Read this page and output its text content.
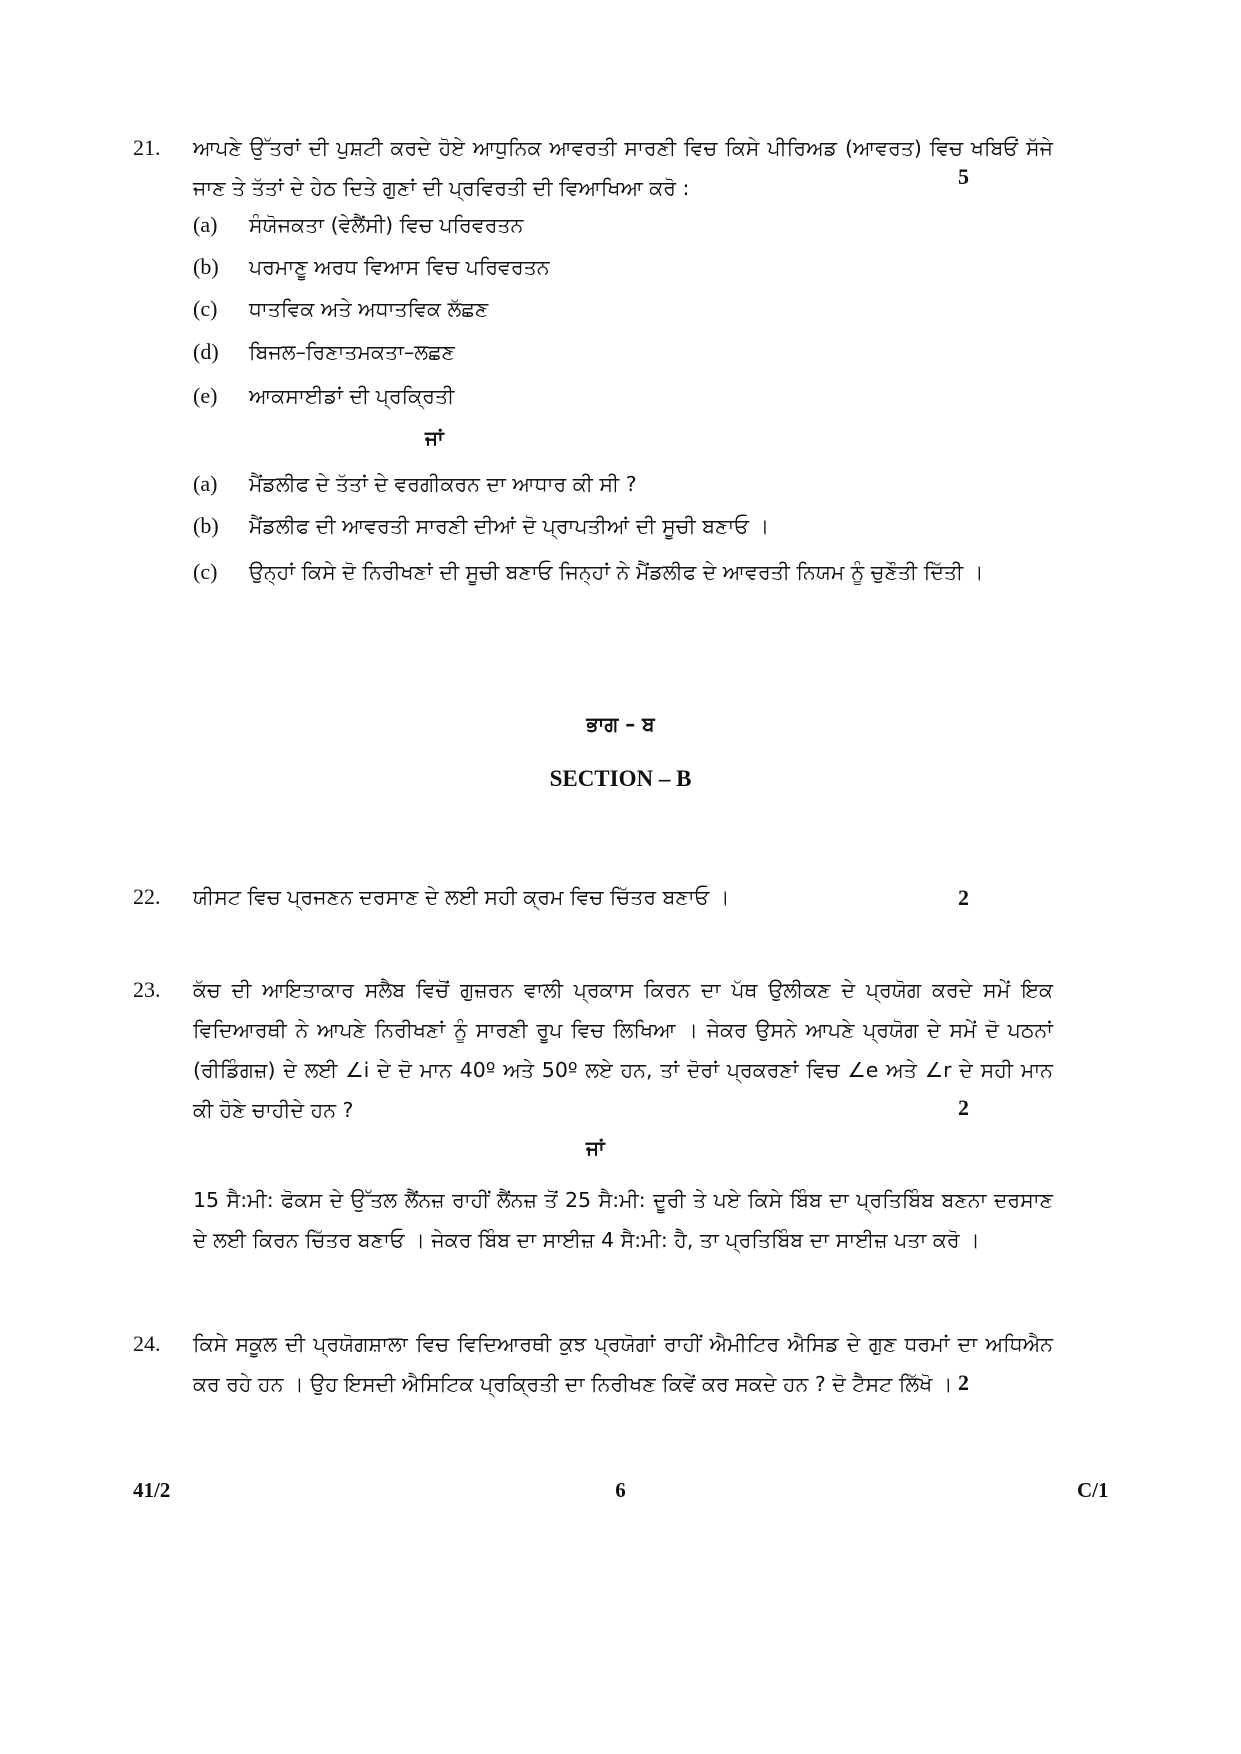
21. ਆਪਣੇ ਉੱਤਰਾਂ ਦੀ ਪੁਸ਼ਟੀ ਕਰਦੇ ਹੋਏ ਆਧੁਨਿਕ ਆਵਰਤੀ ਸਾਰਣੀ ਵਿਚ ਕਿਸੇ ਪੀਰਿਅਡ (ਆਵਰਤ) ਵਿਚ ਖਬਿਓਂ ਸੱਜੇ ਜਾਣ ਤੇ ਤੱਤਾਂ ਦੇ ਹੇਠ ਦਿਤੇ ਗੁਣਾਂ ਦੀ ਪ੍ਰਵਿਰਤੀ ਦੀ ਵਿਆਖਿਆ ਕਰੋ :	5
(a) ਸੰਯੋਜਕਤਾ (ਵੇਲੈਂਸੀ) ਵਿਚ ਪਰਿਵਰਤਨ
(b) ਪਰਮਾਣੂ ਅਰਧ ਵਿਆਸ ਵਿਚ ਪਰਿਵਰਤਨ
(c) ਧਾਤਵਿਕ ਅਤੇ ਅਧਾਤਵਿਕ ਲੱਛਣ
(d) ਬਿਜਲ–ਰਿਣਾਤਮਕਤਾ–ਲਛਣ
(e) ਆਕਸਾਈਡਾਂ ਦੀ ਪ੍ਰਕ੍ਰਿਤੀ
ਜਾਂ
(a) ਮੈਂਡਲੀਫ ਦੇ ਤੱਤਾਂ ਦੇ ਵਰਗੀਕਰਨ ਦਾ ਆਧਾਰ ਕੀ ਸੀ ?
(b) ਮੈਂਡਲੀਫ ਦੀ ਆਵਰਤੀ ਸਾਰਣੀ ਦੀਆਂ ਦੋ ਪ੍ਰਾਪਤੀਆਂ ਦੀ ਸੂਚੀ ਬਣਾਓ ।
(c) ਉਨ੍ਹਾਂ ਕਿਸੇ ਦੋ ਨਿਰੀਖਣਾਂ ਦੀ ਸੂਚੀ ਬਣਾਓ ਜਿਨ੍ਹਾਂ ਨੇ ਮੈਂਡਲੀਫ ਦੇ ਆਵਰਤੀ ਨਿਯਮ ਨੂੰ ਚੁਣੌਤੀ ਦਿੱਤੀ ।
ਭਾਗ – ਬ
SECTION – B
22. ਯੀਸਟ ਵਿਚ ਪ੍ਰਜਣਨ ਦਰਸਾਣ ਦੇ ਲਈ ਸਹੀ ਕ੍ਰਮ ਵਿਚ ਚਿੱਤਰ ਬਣਾਓ ।	2
23. ਕੱਚ ਦੀ ਆਇਤਾਕਾਰ ਸਲੈਬ ਵਿਚੋਂ ਗੁਜ਼ਰਨ ਵਾਲੀ ਪ੍ਰਕਾਸ ਕਿਰਨ ਦਾ ਪੱਥ ਉਲੀਕਣ ਦੇ ਪ੍ਰਯੋਗ ਕਰਦੇ ਸਮੇਂ ਇਕ ਵਿਦਿਆਰਥੀ ਨੇ ਆਪਣੇ ਨਿਰੀਖਣਾਂ ਨੂੰ ਸਾਰਣੀ ਰੂਪ ਵਿਚ ਲਿਖਿਆ । ਜੇਕਰ ਉਸਨੇ ਆਪਣੇ ਪ੍ਰਯੋਗ ਦੇ ਸਮੇਂ ਦੋ ਪਠਨਾਂ (ਰੀਡਿੰਗਜ਼) ਦੇ ਲਈ ∠i ਦੇ ਦੋ ਮਾਨ 40º ਅਤੇ 50º ਲਏ ਹਨ, ਤਾਂ ਦੋਰਾਂ ਪ੍ਰਕਰਣਾਂ ਵਿਚ ∠e ਅਤੇ ∠r ਦੇ ਸਹੀ ਮਾਨ ਕੀ ਹੋਣੇ ਚਾਹੀਦੇ ਹਨ ?	2
ਜਾਂ
15 ਸੈ:ਮੀ: ਫੋਕਸ ਦੇ ਉੱਤਲ ਲੈਂਨਜ਼ ਰਾਹੀਂ ਲੈਂਨਜ਼ ਤੋਂ 25 ਸੈ:ਮੀ: ਦੂਰੀ ਤੇ ਪਏ ਕਿਸੇ ਬਿੰਬ ਦਾ ਪ੍ਰਤਿਬਿੰਬ ਬਣਨਾ ਦਰਸਾਣ ਦੇ ਲਈ ਕਿਰਨ ਚਿੱਤਰ ਬਣਾਓ । ਜੇਕਰ ਬਿੰਬ ਦਾ ਸਾਈਜ਼ 4 ਸੈ:ਮੀ: ਹੈ, ਤਾ ਪ੍ਰਤਿਬਿੰਬ ਦਾ ਸਾਈਜ਼ ਪਤਾ ਕਰੋ ।
24. ਕਿਸੇ ਸਕੂਲ ਦੀ ਪ੍ਰਯੋਗਸ਼ਾਲਾ ਵਿਚ ਵਿਦਿਆਰਥੀ ਕੁਝ ਪ੍ਰਯੋਗਾਂ ਰਾਹੀਂ ਐਮੀਟਿਰ ਐਸਿਡ ਦੇ ਗੁਣ ਧਰਮਾਂ ਦਾ ਅਧਿਐਨ ਕਰ ਰਹੇ ਹਨ । ਉਹ ਇਸਦੀ ਐਸਿਟਿਕ ਪ੍ਰਕ੍ਰਿਤੀ ਦਾ ਨਿਰੀਖਣ ਕਿਵੇਂ ਕਰ ਸਕਦੇ ਹਨ ? ਦੋ ਟੈਸਟ ਲਿੱਖੋ । 2
41/2	6	C/1
